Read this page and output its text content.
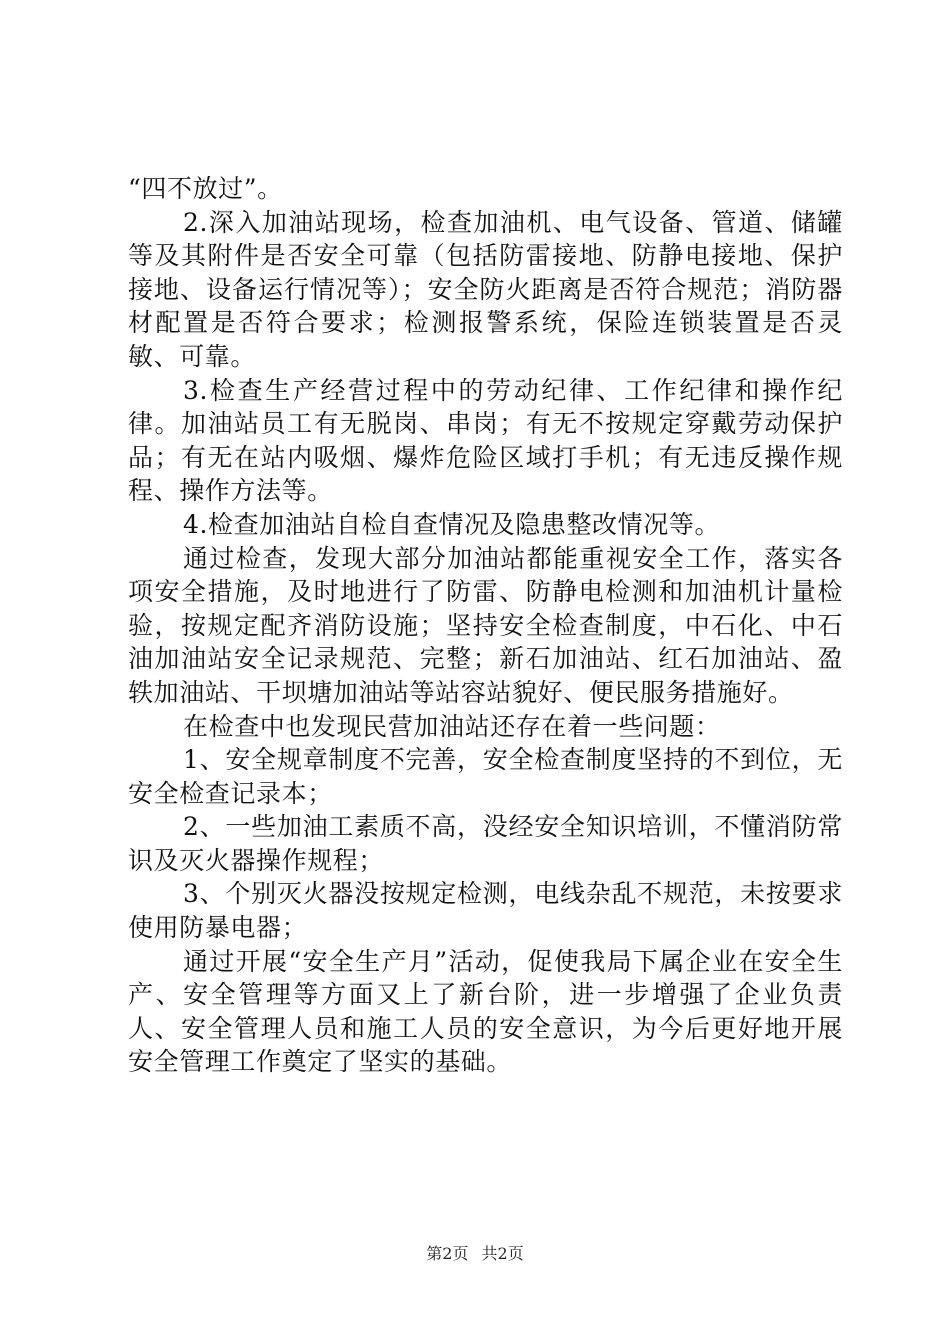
“四不放过”。

2.深入加油站现场，检查加油机、电气设备、管道、储罐等及其附件是否安全可靠（包括防雷接地、防静电接地、保护接地、设备运行情况等）；安全防火距离是否符合规范；消防器材配置是否符合要求；检测报警系统，保险连锁装置是否灵敏、可靠。

3.检查生产经营过程中的劳动纪律、工作纪律和操作纪律。加油站员工有无脱岗、串岗；有无不按规定穿戴劳动保护品；有无在站内吸烟、爆炸危险区域打手机；有无违反操作规程、操作方法等。

4.检查加油站自检自查情况及隐患整改情况等。

通过检查，发现大部分加油站都能重视安全工作，落实各项安全措施，及时地进行了防雷、防静电检测和加油机计量检验，按规定配齐消防设施；坚持安全检查制度，中石化、中石油加油站安全记录规范、完整；新石加油站、红石加油站、盈轶加油站、干坝塘加油站等站容站貌好、便民服务措施好。

在检查中也发现民营加油站还存在着一些问题：

1、安全规章制度不完善，安全检查制度坚持的不到位，无安全检查记录本；

2、一些加油工素质不高，没经安全知识培训，不懂消防常识及灭火器操作规程；

3、个别灭火器没按规定检测，电线杂乱不规范，未按要求使用防暴电器；

通过开展“安全生产月”活动，促使我局下属企业在安全生产、安全管理等方面又上了新台阶，进一步增强了企业负责人、安全管理人员和施工人员的安全意识，为今后更好地开展安全管理工作奠定了坚实的基础。

第2页 共2页
